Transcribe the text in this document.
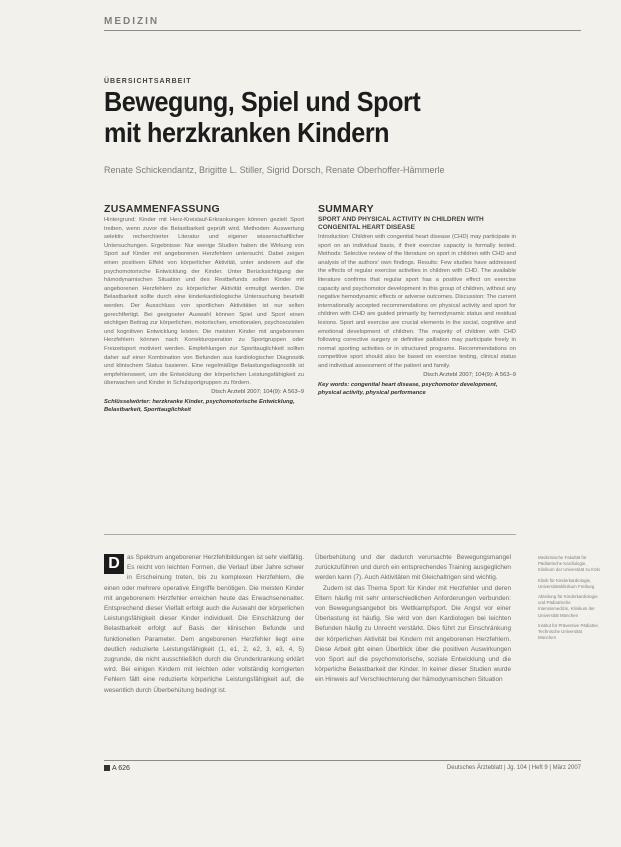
MEDIZIN
ÜBERSICHTSARBEIT
Bewegung, Spiel und Sport
mit herzkranken Kindern
Renate Schickendantz, Brigitte L. Stiller, Sigrid Dorsch, Renate Oberhoffer-Hämmerle
ZUSAMMENFASSUNG

Hintergrund: Kinder mit Herz-Kreislauf-Erkrankungen können gezielt Sport treiben, wenn zuvor die Belastbarkeit geprüft wird. Methoden: Auswertung selektiv recherchierter Literatur und eigener wissenschaftlicher Untersuchungen. Ergebnisse: Nur wenige Studien haben die Wirkung von Sport auf Kinder mit angeborenen Herzfehlern untersucht. Dabei zeigen einen positiven Effekt von körperlicher Aktivität, unter anderem auf die psychomotorische Entwicklung der Kinder. Unter Berücksichtigung der hämodynamischen Situation und des Restbefunds sollten Kinder mit angeborenen Herzfehlern zu körperlicher Aktivität ermutigt werden. Die Belastbarkeit sollte durch eine kinderkardiologische Untersuchung beurteilt werden. Der Ausschluss von sportlichen Aktivitäten ist nur selten gerechtfertigt. Bei geeigneter Auswahl können Spiel und Sport einen wichtigen Beitrag zur körperlichen, motorischen, emotionalen, psychosozialen und kognitiven Entwicklung leisten. Die meisten Kinder mit angeborenen Herzfehlern können nach Korrekturoperation zu Sportgruppen oder Freizeitsport motiviert werden. Empfehlungen zur Sporttauglichkeit sollten daher auf einer Kombination von Befunden aus kardiologischer Diagnostik und klinischem Status basieren. Eine regelmäßige Belastungsdiagnostik ist empfehlenswert, um die Entwicklung der körperlichen Leistungsfähigkeit zu überwachen und Kinder in Schulsportgruppen zu fördern.

Dtsch Arztebl 2007; 104(9): A 563–9

Schlüsselwörter: herzkranke Kinder, psychomotorische Entwicklung, Belastbarkeit, Sporttauglichkeit

SUMMARY

SPORT AND PHYSICAL ACTIVITY IN CHILDREN WITH CONGENITAL HEART DISEASE

Introduction: Children with congenital heart disease (CHD) may participate in sport on an individual basis, if their exercise capacity is formally tested. Methods: Selective review of the literature on sport in children with CHD and analysis of the authors' own findings. Results: Few studies have addressed the effects of regular exercise activities in children with CHD. The available literature confirms that regular sport has a positive effect on exercise capacity and psychomotor development in this group of children, without any negative hemodynamic effects or adverse outcomes. Discussion: The current internationally accepted recommendations on physical activity and sport for children with CHD are guided primarily by hemodynamic status and residual lesions. Sport and exercise are crucial elements in the social, cognitive and emotional development of children. The majority of children with CHD following corrective surgery or definitive palliation may participate freely in normal sporting activities or in structured programs. Recommendations on competitive sport should also be based on exercise testing, clinical status and individual assessment of the patient and family.

Dtsch Arztebl 2007; 104(9): A 563–9

Key words: congenital heart disease, psychomotor development, physical activity, physical performance

D	as Spektrum angeborener Herzfehlbildungen ist sehr vielfältig. Es reicht von leichten Formen, die Verlauf über Jahre schwer in Erscheinung treten, bis zu komplexen Herzfehlern, die einen oder mehrere operative Eingriffe benötigen. Die meisten Kinder mit angeborenem Herzfehler erreichen heute das Erwachsenenalter. Entsprechend dieser Vielfalt erfolgt auch die Auswahl der körperlichen Leistungsfähigkeit dieser Kinder individuell. Die Einschätzung der Belastbarkeit erfolgt auf Basis der klinischen Befunde und funktionellen Parameter. Dem angeborenen Herzfehler liegt eine deutlich reduzierte Leistungsfähigkeit (1, e1, 2, e2, 3, e3, 4, 5) zugrunde, die nicht ausschließlich durch die Grunderkrankung erklärt wird. Bei einigen Kindern mit leichten oder vollständig korrigierten Fehlern fällt eine reduzierte körperliche Leistungsfähigkeit auf, die wesentlich durch Überbehütung bedingt ist.

Überbehütung und der dadurch verursachte Bewegungsmangel zurückzuführen und durch ein entsprechendes Training ausgeglichen werden kann (7). Auch Aktivitäten mit Gleichaltrigen sind wichtig.

Zudem ist das Thema Sport für Kinder mit Herzfehler und deren Eltern häufig mit sehr unterschiedlichen Anforderungen verbunden: von Bewegungsangebot bis Wettkampfsport. Die Angst vor einer Überlastung ist häufig. Sie wird von den Kardiologen bei leichten Befunden häufig zu Unrecht verstärkt. Dies führt zur Einschränkung der körperlichen Aktivität bei Kindern mit angeborenen Herzfehlern. Diese Arbeit gibt einen Überblick über die positiven Auswirkungen von Sport auf die psychomotorische, soziale Entwicklung und die körperliche Belastbarkeit der Kinder. In keiner dieser Studien wurde ein Hinweis auf Verschlechterung der hämodynamischen Situation

Medizinische Fakultät für Pädiatrische Kardiologie, Klinikum der Universität zu Köln
Klinik für Kinderkardiologie, Universitätsklinikum Freiburg
Abteilung für Kinderkardiologie und Pädiatrische Intensivmedizin, Klinikum der Universität München
Institut für Präventive Pädiatrie, Technische Universität München
A 626	Deutsches Ärzteblatt | Jg. 104 | Heft 9 | März 2007
